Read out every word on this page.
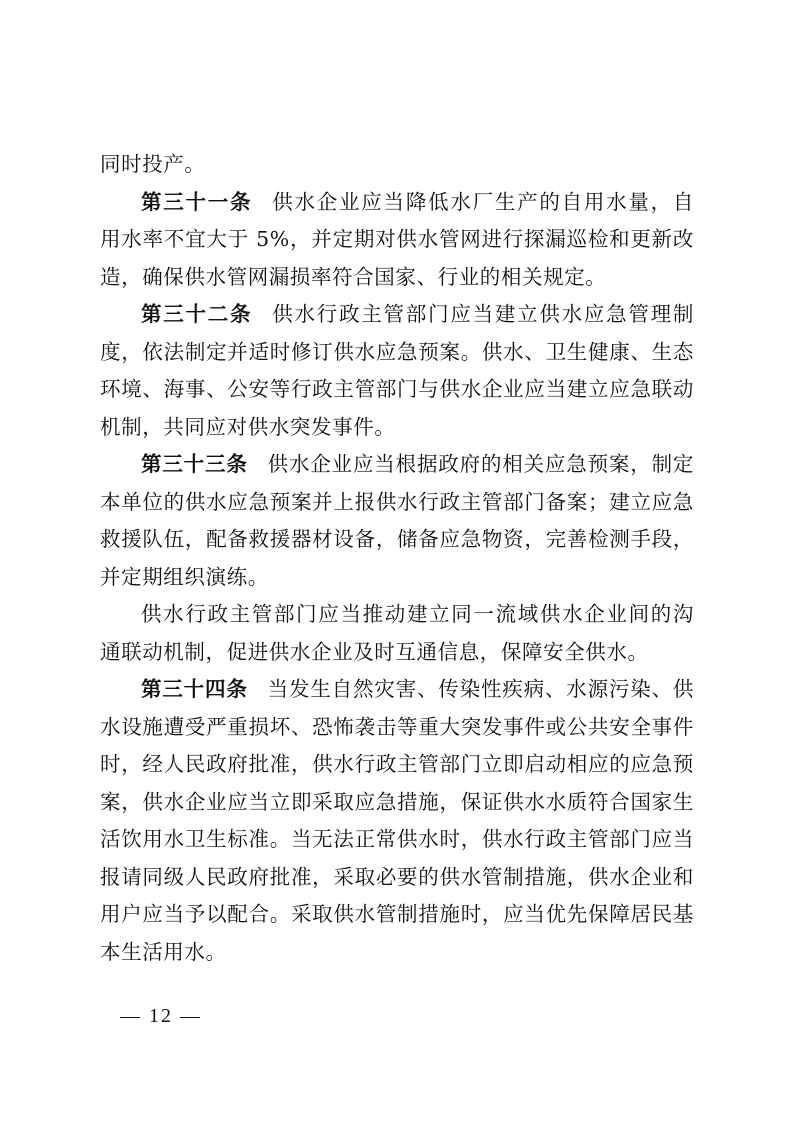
同时投产。
第三十一条 供水企业应当降低水厂生产的自用水量，自
用水率不宜大于 5%，并定期对供水管网进行探漏巡检和更新改
造，确保供水管网漏损率符合国家、行业的相关规定。
第三十二条 供水行政主管部门应当建立供水应急管理制
度，依法制定并适时修订供水应急预案。供水、卫生健康、生态
环境、海事、公安等行政主管部门与供水企业应当建立应急联动
机制，共同应对供水突发事件。
第三十三条 供水企业应当根据政府的相关应急预案，制定
本单位的供水应急预案并上报供水行政主管部门备案；建立应急
救援队伍，配备救援器材设备，储备应急物资，完善检测手段，
并定期组织演练。
供水行政主管部门应当推动建立同一流域供水企业间的沟
通联动机制，促进供水企业及时互通信息，保障安全供水。
第三十四条 当发生自然灾害、传染性疾病、水源污染、供
水设施遭受严重损坏、恐怖袭击等重大突发事件或公共安全事件
时，经人民政府批准，供水行政主管部门立即启动相应的应急预
案，供水企业应当立即采取应急措施，保证供水水质符合国家生
活饮用水卫生标准。当无法正常供水时，供水行政主管部门应当
报请同级人民政府批准，采取必要的供水管制措施，供水企业和
用户应当予以配合。采取供水管制措施时，应当优先保障居民基
本生活用水。
— 12 —
